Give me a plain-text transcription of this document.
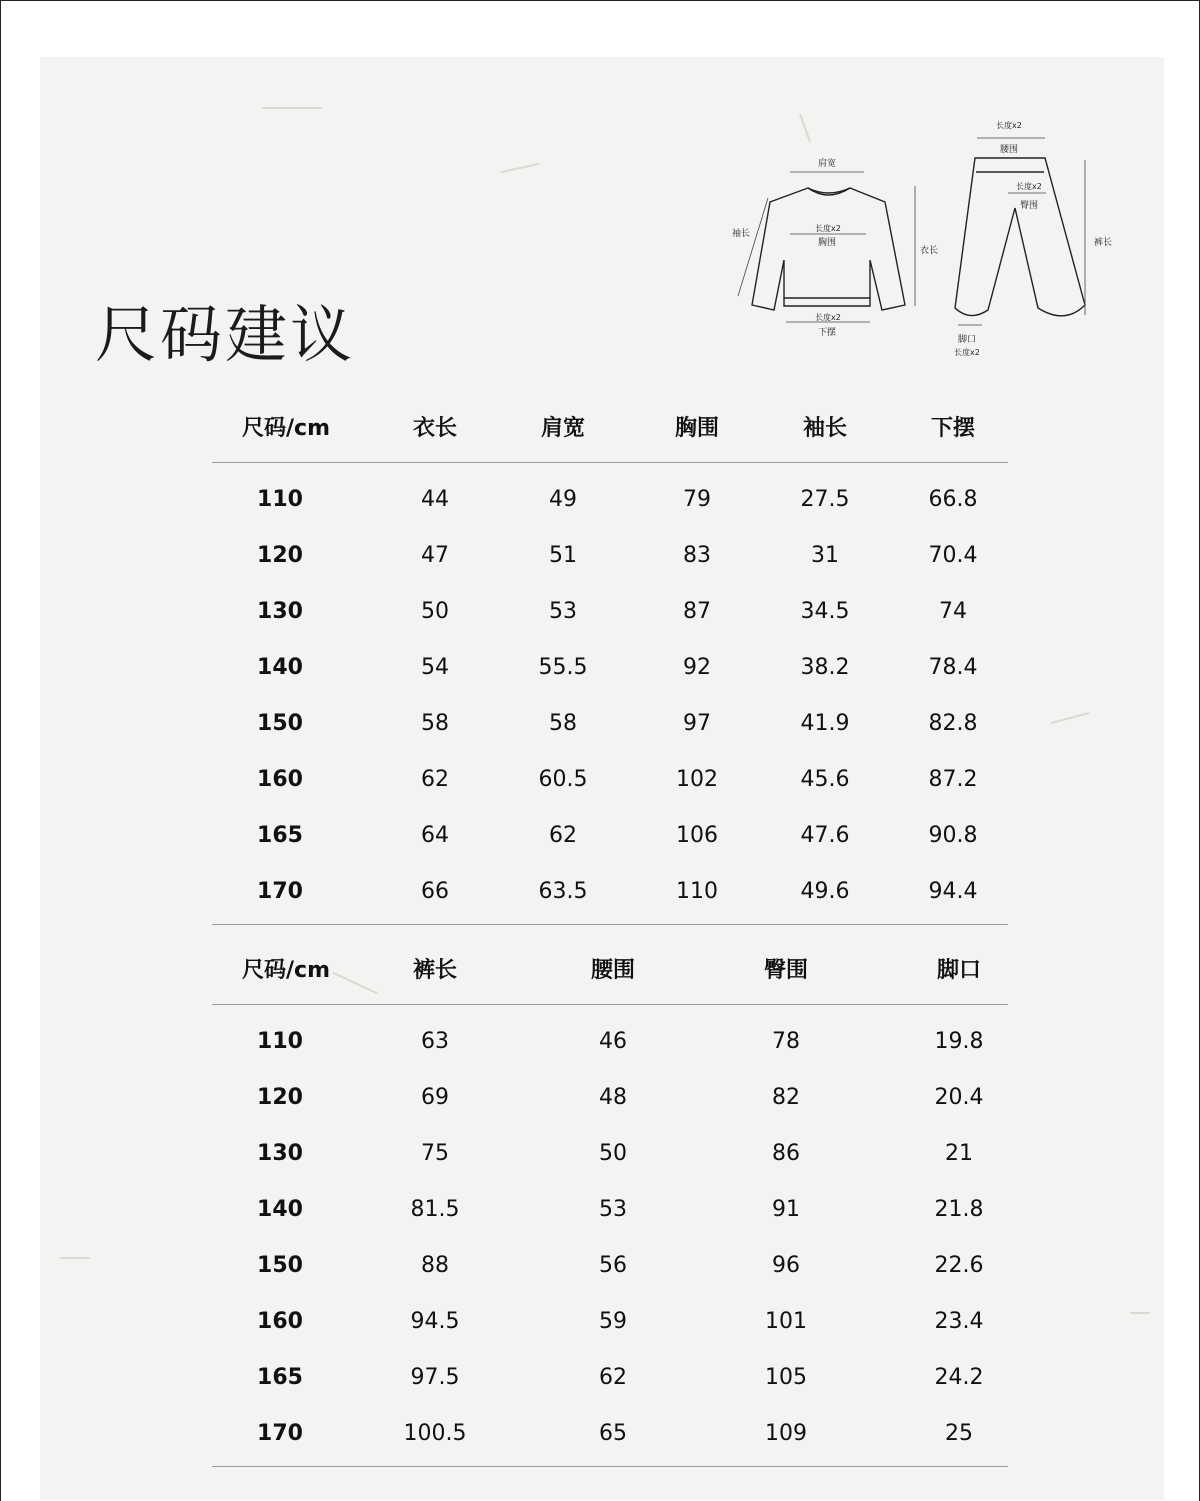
尺码建议
肩宽
袖长
长度x2
胸围
衣长
长度x2
下摆
长度x2
腰围
长度x2
臀围
裤长
脚口
长度x2
尺码/cm	衣长	肩宽	胸围	袖长	下摆
110	44	49	79	27.5	66.8
120	47	51	83	31	70.4
130	50	53	87	34.5	74
140	54	55.5	92	38.2	78.4
150	58	58	97	41.9	82.8
160	62	60.5	102	45.6	87.2
165	64	62	106	47.6	90.8
170	66	63.5	110	49.6	94.4
尺码/cm	裤长	腰围	臀围	脚口
110	63	46	78	19.8
120	69	48	82	20.4
130	75	50	86	21
140	81.5	53	91	21.8
150	88	56	96	22.6
160	94.5	59	101	23.4
165	97.5	62	105	24.2
170	100.5	65	109	25
